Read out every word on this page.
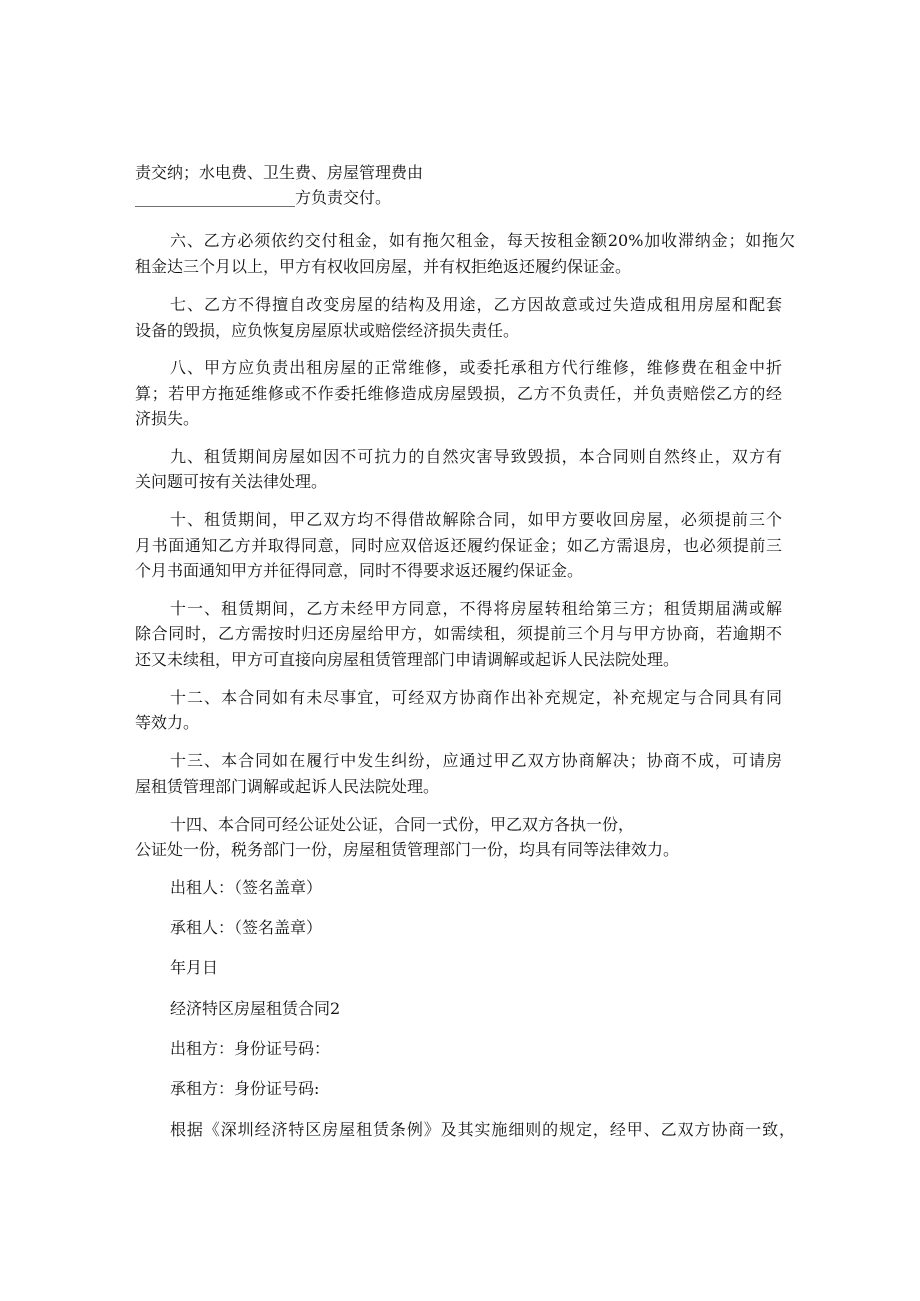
责交纳；水电费、卫生费、房屋管理费由
____________________方负责交付。
六、乙方必须依约交付租金，如有拖欠租金，每天按租金额20%加收滞纳金；如拖欠
租金达三个月以上，甲方有权收回房屋，并有权拒绝返还履约保证金。
七、乙方不得擅自改变房屋的结构及用途，乙方因故意或过失造成租用房屋和配套
设备的毁损，应负恢复房屋原状或赔偿经济损失责任。
八、甲方应负责出租房屋的正常维修，或委托承租方代行维修，维修费在租金中折
算；若甲方拖延维修或不作委托维修造成房屋毁损，乙方不负责任，并负责赔偿乙方的经
济损失。
九、租赁期间房屋如因不可抗力的自然灾害导致毁损，本合同则自然终止，双方有
关问题可按有关法律处理。
十、租赁期间，甲乙双方均不得借故解除合同，如甲方要收回房屋，必须提前三个
月书面通知乙方并取得同意，同时应双倍返还履约保证金；如乙方需退房，也必须提前三
个月书面通知甲方并征得同意，同时不得要求返还履约保证金。
十一、租赁期间，乙方未经甲方同意，不得将房屋转租给第三方；租赁期届满或解
除合同时，乙方需按时归还房屋给甲方，如需续租，须提前三个月与甲方协商，若逾期不
还又未续租，甲方可直接向房屋租赁管理部门申请调解或起诉人民法院处理。
十二、本合同如有未尽事宜，可经双方协商作出补充规定，补充规定与合同具有同
等效力。
十三、本合同如在履行中发生纠纷，应通过甲乙双方协商解决；协商不成，可请房
屋租赁管理部门调解或起诉人民法院处理。
十四、本合同可经公证处公证，合同一式份，甲乙双方各执一份，
公证处一份，税务部门一份，房屋租赁管理部门一份，均具有同等法律效力。
出租人：（签名盖章）
承租人：（签名盖章）
年月日
经济特区房屋租赁合同2
出租方：身份证号码：
承租方：身份证号码:
根据《深圳经济特区房屋租赁条例》及其实施细则的规定，经甲、乙双方协商一致，
